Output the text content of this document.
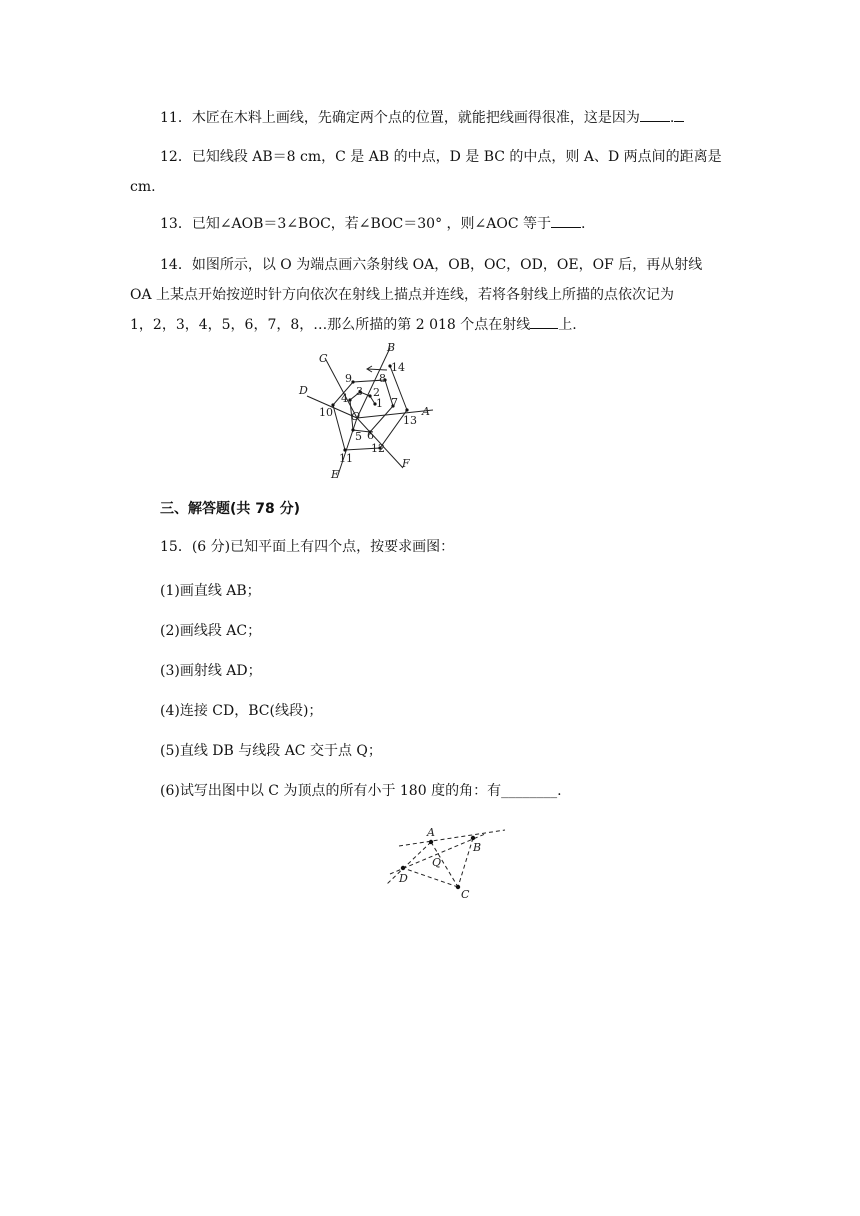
11．木匠在木料上画线，先确定两个点的位置，就能把线画得很准，这是因为 .
12．已知线段 AB＝8 cm，C 是 AB 的中点，D 是 BC 的中点，则 A、D 两点间的距离是
cm.
13．已知∠AOB＝3∠BOC，若∠BOC＝30° ，则∠AOC 等于 .
14．如图所示，以 O 为端点画六条射线 OA，OB，OC，OD，OE，OF 后，再从射线
OA 上某点开始按逆时针方向依次在射线上描点并连线，若将各射线上所描的点依次记为
1，2，3，4，5，6，7，8，…那么所描的第 2 018 个点在射线 上.
A
B
C
D
E
F
O
1
2
3
4
5 6
7
8
9
10
11
12
13
14
三、解答题(共 78 分)
15．(6 分)已知平面上有四个点，按要求画图：
(1)画直线 AB；
(2)画线段 AC；
(3)画射线 AD；
(4)连接 CD，BC(线段)；
(5)直线 DB 与线段 AC 交于点 Q；
(6)试写出图中以 C 为顶点的所有小于 180 度的角：有________.
A
B
Q
D
C
